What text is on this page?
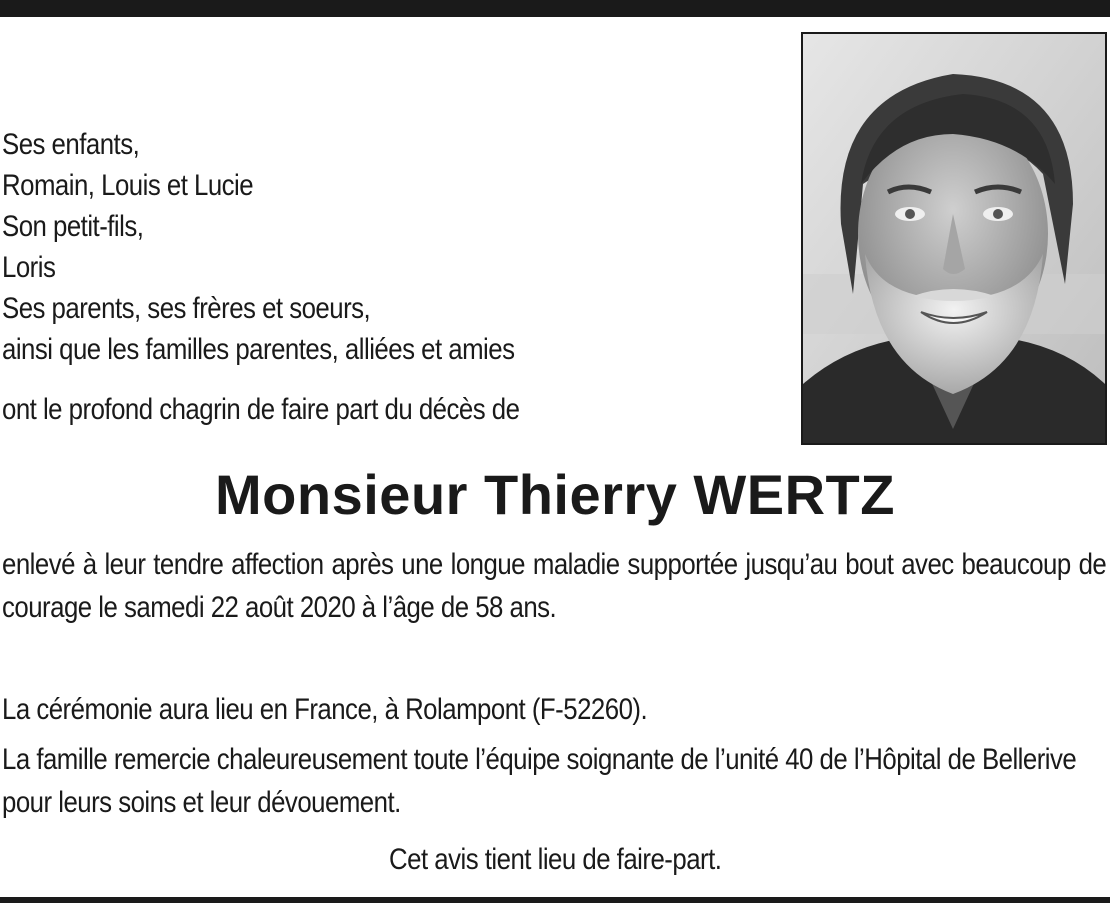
Ses enfants,
Romain, Louis et Lucie
Son petit-fils,
Loris
Ses parents, ses frères et soeurs,
ainsi que les familles parentes, alliées et amies
ont le profond chagrin de faire part du décès de
Monsieur Thierry WERTZ
enlevé à leur tendre affection après une longue maladie supportée jusqu’au bout avec beaucoup de courage le samedi 22 août 2020 à l’âge de 58 ans.
La cérémonie aura lieu en France, à Rolampont (F-52260).
La famille remercie chaleureusement toute l’équipe soignante de l’unité 40 de l’Hôpital de Bellerive pour leurs soins et leur dévouement.
Cet avis tient lieu de faire-part.
